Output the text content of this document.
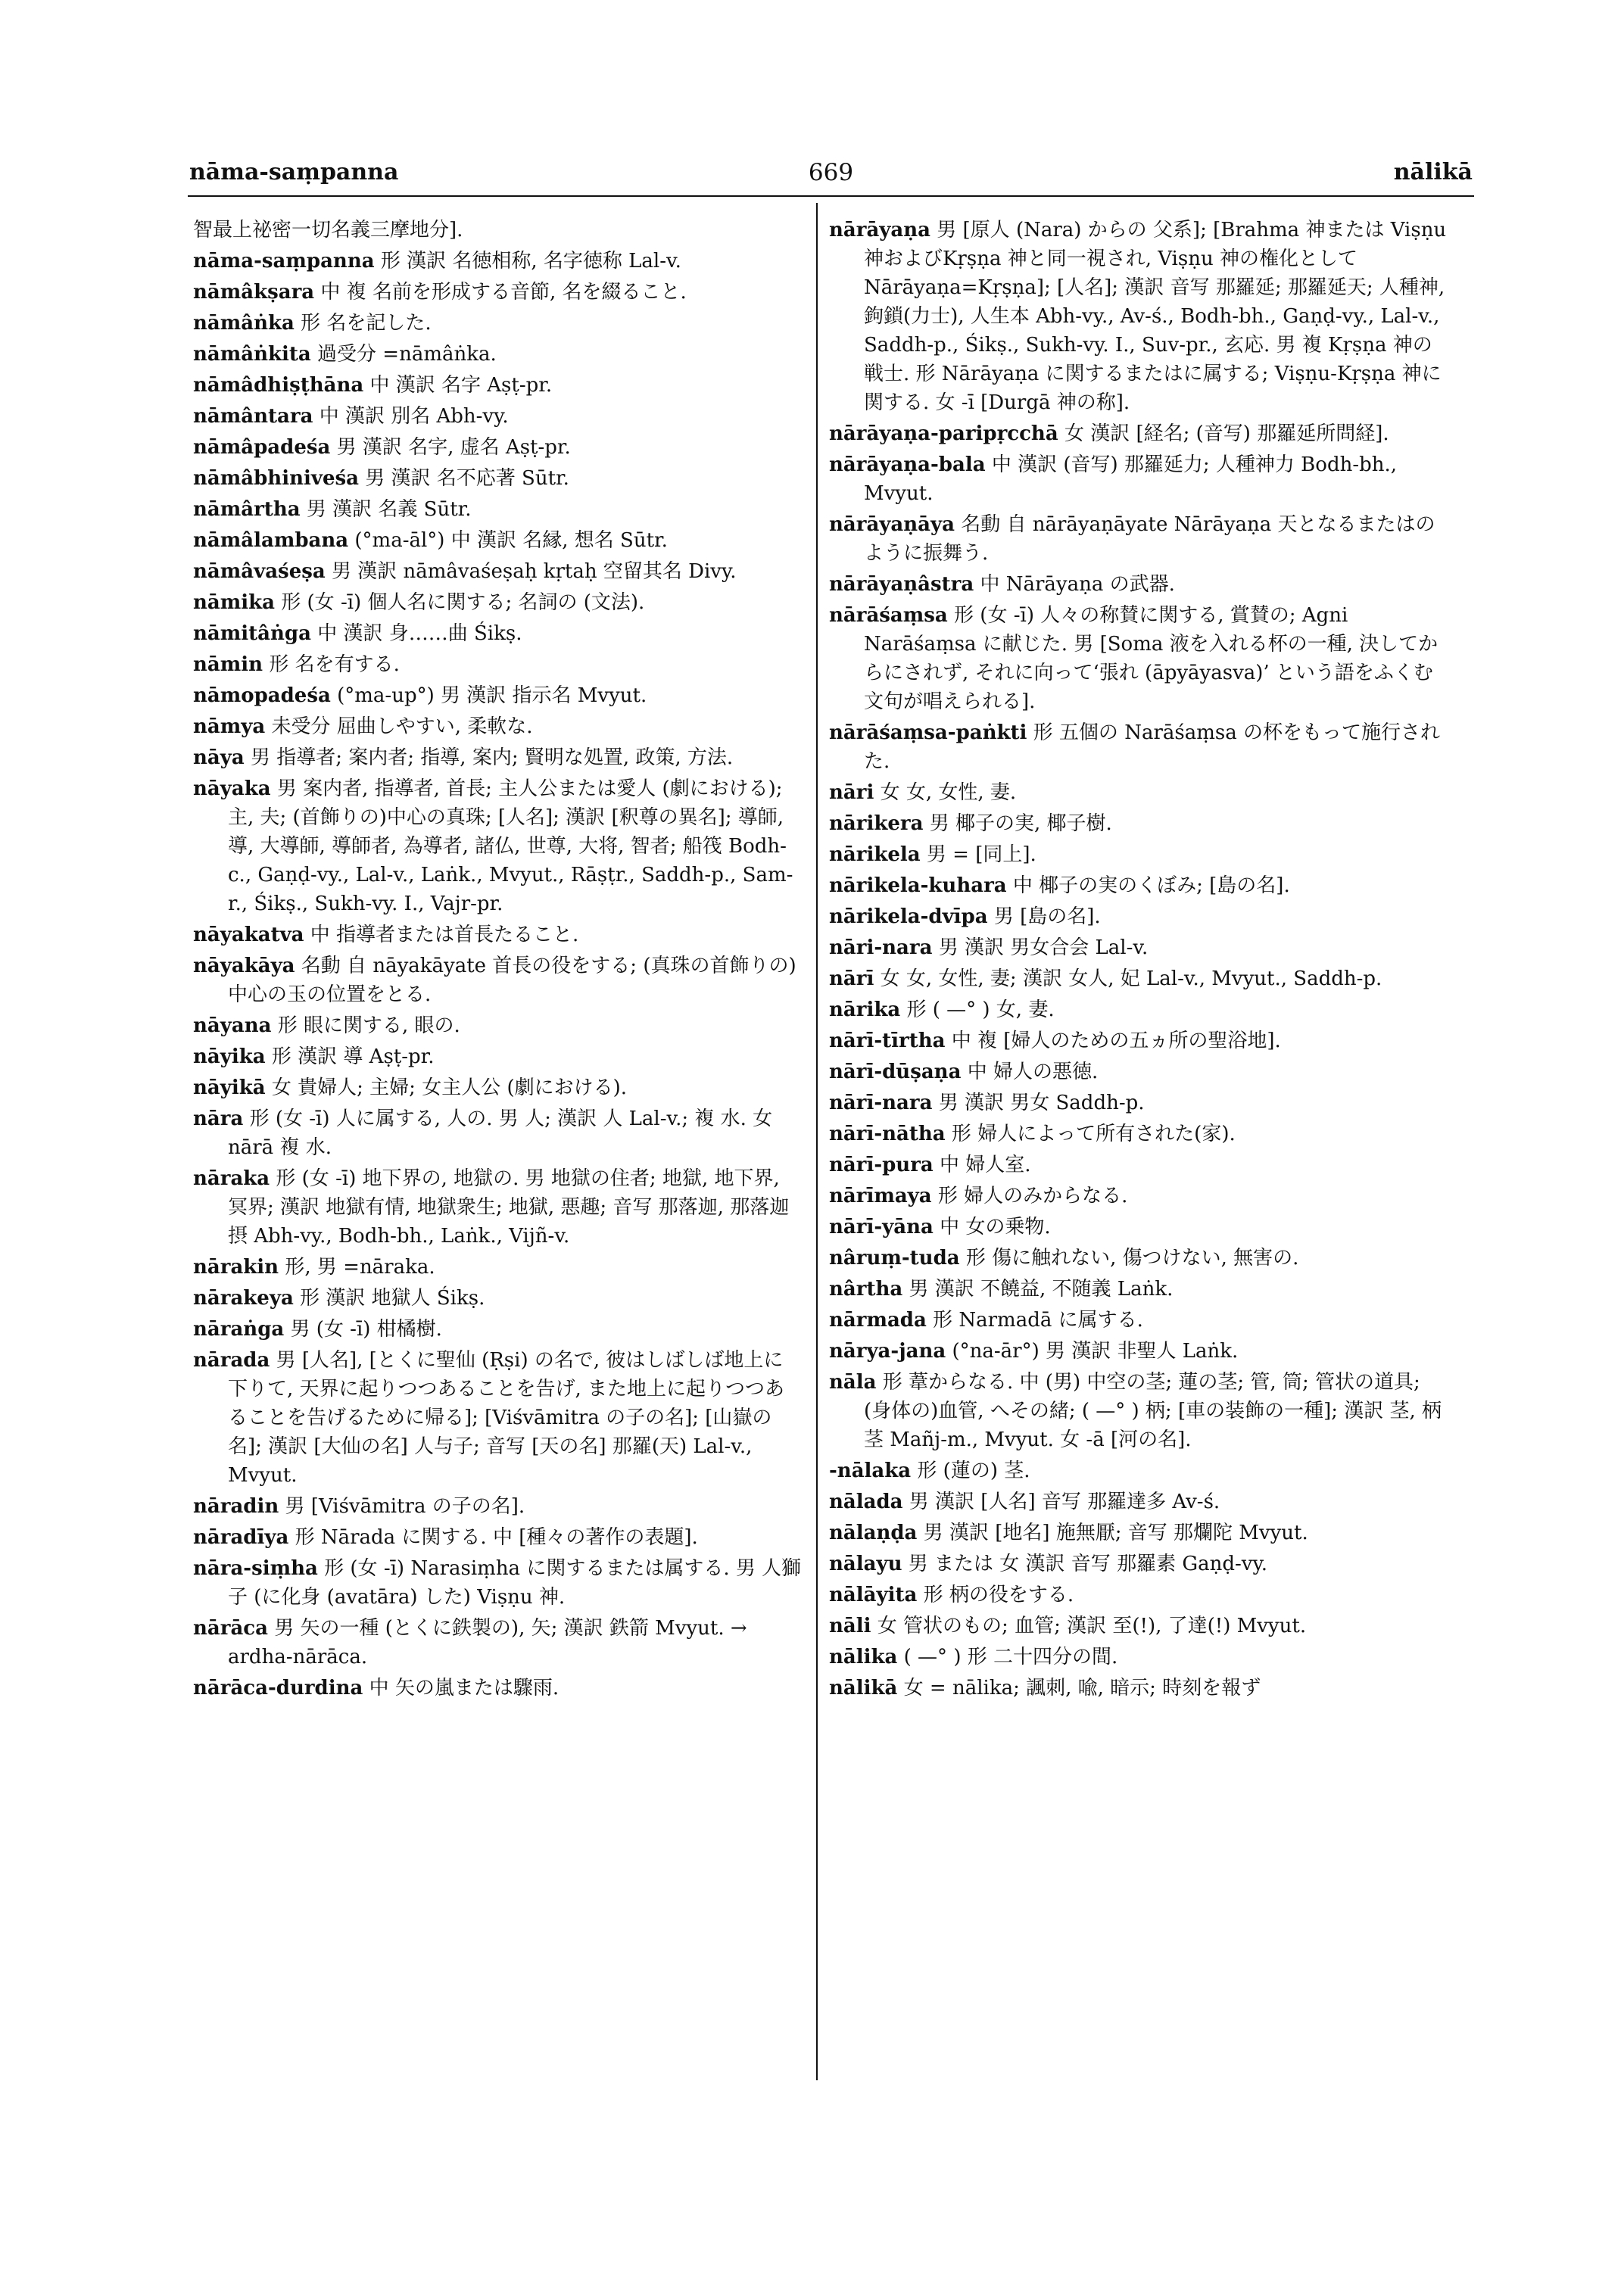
nāma-saṃpanna	669	nālikā

智最上祕密一切名義三摩地分].

nāma-saṃpanna 形 漢訳 名徳相称, 名字徳称 Lal-v.

nāmâkṣara 中 複 名前を形成する音節, 名を綴ること.

nāmâṅka 形 名を記した.

nāmâṅkita 過受分 =nāmâṅka.

nāmâdhiṣṭhāna 中 漢訳 名字 Aṣṭ-pr.

nāmântara 中 漢訳 別名 Abh-vy.

nāmâpadeśa 男 漢訳 名字, 虚名 Aṣṭ-pr.

nāmâbhiniveśa 男 漢訳 名不応著 Sūtr.

nāmârtha 男 漢訳 名義 Sūtr.

nāmâlambana (°ma-āl°) 中 漢訳 名縁, 想名 Sūtr.

nāmâvaśeṣa 男 漢訳 nāmâvaśeṣaḥ kṛtaḥ 空留其名 Divy.

nāmika 形 (女 -ī) 個人名に関する; 名詞の (文法).

nāmitâṅga 中 漢訳 身……曲 Śikṣ.

nāmin 形 名を有する.

nāmopadeśa (°ma-up°) 男 漢訳 指示名 Mvyut.

nāmya 未受分 屈曲しやすい, 柔軟な.

nāya 男 指導者; 案内者; 指導, 案内; 賢明な処置, 政策, 方法.

nāyaka 男 案内者, 指導者, 首長; 主人公または愛人 (劇における); 主, 夫; (首飾りの)中心の真珠; [人名]; 漢訳 [釈尊の異名]; 導師, 導, 大導師, 導師者, 為導者, 諸仏, 世尊, 大将, 智者; 船筏 Bodh-c., Gaṇḍ-vy., Lal-v., Laṅk., Mvyut., Rāṣṭr., Saddh-p., Sam-r., Śikṣ., Sukh-vy. I., Vajr-pr.

nāyakatva 中 指導者または首長たること.

nāyakāya 名動 自 nāyakāyate 首長の役をする; (真珠の首飾りの) 中心の玉の位置をとる.

nāyana 形 眼に関する, 眼の.

nāyika 形 漢訳 導 Aṣṭ-pr.

nāyikā 女 貴婦人; 主婦; 女主人公 (劇における).

nāra 形 (女 -ī) 人に属する, 人の. 男 人; 漢訳 人 Lal-v.; 複 水. 女 nārā 複 水.

nāraka 形 (女 -ī) 地下界の, 地獄の. 男 地獄の住者; 地獄, 地下界, 冥界; 漢訳 地獄有情, 地獄衆生; 地獄, 悪趣; 音写 那落迦, 那落迦摂 Abh-vy., Bodh-bh., Laṅk., Vijñ-v.

nārakin 形, 男 =nāraka.

nārakeya 形 漢訳 地獄人 Śikṣ.

nāraṅga 男 (女 -ī) 柑橘樹.

nārada 男 [人名], [とくに聖仙 (Ṛṣi) の名で, 彼はしばしば地上に下りて, 天界に起りつつあることを告げ, また地上に起りつつあることを告げるために帰る]; [Viśvāmitra の子の名]; [山嶽の名]; 漢訳 [大仙の名] 人与子; 音写 [天の名] 那羅(天) Lal-v., Mvyut.

nāradin 男 [Viśvāmitra の子の名].

nāradīya 形 Nārada に関する. 中 [種々の著作の表題].

nāra-siṃha 形 (女 -ī) Narasiṃha に関するまたは属する. 男 人獅子 (に化身 (avatāra) した) Viṣṇu 神.

nārāca 男 矢の一種 (とくに鉄製の), 矢; 漢訳 鉄箭 Mvyut. → ardha-nārāca.

nārāca-durdina 中 矢の嵐または驟雨.

nārāyaṇa 男 [原人 (Nara) からの 父系]; [Brahma 神または Viṣṇu 神およびKṛṣṇa 神と同一視され, Viṣṇu 神の権化として Nārāyaṇa=Kṛṣṇa]; [人名]; 漢訳 音写 那羅延; 那羅延天; 人種神, 鉤鎖(力士), 人生本 Abh-vy., Av-ś., Bodh-bh., Gaṇḍ-vy., Lal-v., Saddh-p., Śikṣ., Sukh-vy. I., Suv-pr., 玄応. 男 複 Kṛṣṇa 神の戦士. 形 Nārāyaṇa に関するまたはに属する; Viṣṇu-Kṛṣṇa 神に関する. 女 -ī [Durgā 神の称].

nārāyaṇa-paripṛcchā 女 漢訳 [経名; (音写) 那羅延所問経].

nārāyaṇa-bala 中 漢訳 (音写) 那羅延力; 人種神力 Bodh-bh., Mvyut.

nārāyaṇāya 名動 自 nārāyaṇāyate Nārāyaṇa 天となるまたはのように振舞う.

nārāyaṇâstra 中 Nārāyaṇa の武器.

nārāśaṃsa 形 (女 -ī) 人々の称賛に関する, 賞賛の; Agni Narāśaṃsa に献じた. 男 [Soma 液を入れる杯の一種, 決してからにされず, それに向って‘張れ (āpyāyasva)’ という語をふくむ文句が唱えられる].

nārāśaṃsa-paṅkti 形 五個の Narāśaṃsa の杯をもって施行された.

nāri 女 女, 女性, 妻.

nārikera 男 椰子の実, 椰子樹.

nārikela 男 = [同上].

nārikela-kuhara 中 椰子の実のくぼみ; [島の名].

nārikela-dvīpa 男 [島の名].

nāri-nara 男 漢訳 男女合会 Lal-v.

nārī 女 女, 女性, 妻; 漢訳 女人, 妃 Lal-v., Mvyut., Saddh-p.

nārika 形 ( —° ) 女, 妻.

nārī-tīrtha 中 複 [婦人のための五ヵ所の聖浴地].

nārī-dūṣaṇa 中 婦人の悪徳.

nārī-nara 男 漢訳 男女 Saddh-p.

nārī-nātha 形 婦人によって所有された(家).

nārī-pura 中 婦人室.

nārīmaya 形 婦人のみからなる.

nārī-yāna 中 女の乗物.

nâruṃ-tuda 形 傷に触れない, 傷つけない, 無害の.

nârtha 男 漢訳 不饒益, 不随義 Laṅk.

nārmada 形 Narmadā に属する.

nārya-jana (°na-ār°) 男 漢訳 非聖人 Laṅk.

nāla 形 葦からなる. 中 (男) 中空の茎; 蓮の茎; 管, 筒; 管状の道具; (身体の)血管, へその緒; ( —° ) 柄; [車の装飾の一種]; 漢訳 茎, 柄茎 Mañj-m., Mvyut. 女 -ā [河の名].

-nālaka 形 (蓮の) 茎.

nālada 男 漢訳 [人名] 音写 那羅達多 Av-ś.

nālaṇḍa 男 漢訳 [地名] 施無厭; 音写 那爛陀 Mvyut.

nālayu 男 または 女 漢訳 音写 那羅素 Gaṇḍ-vy.

nālāyita 形 柄の役をする.

nāli 女 管状のもの; 血管; 漢訳 至(!), 了達(!) Mvyut.

nālika ( —° ) 形 二十四分の間.

nālikā 女 = nālika; 諷刺, 喩, 暗示; 時刻を報ず
